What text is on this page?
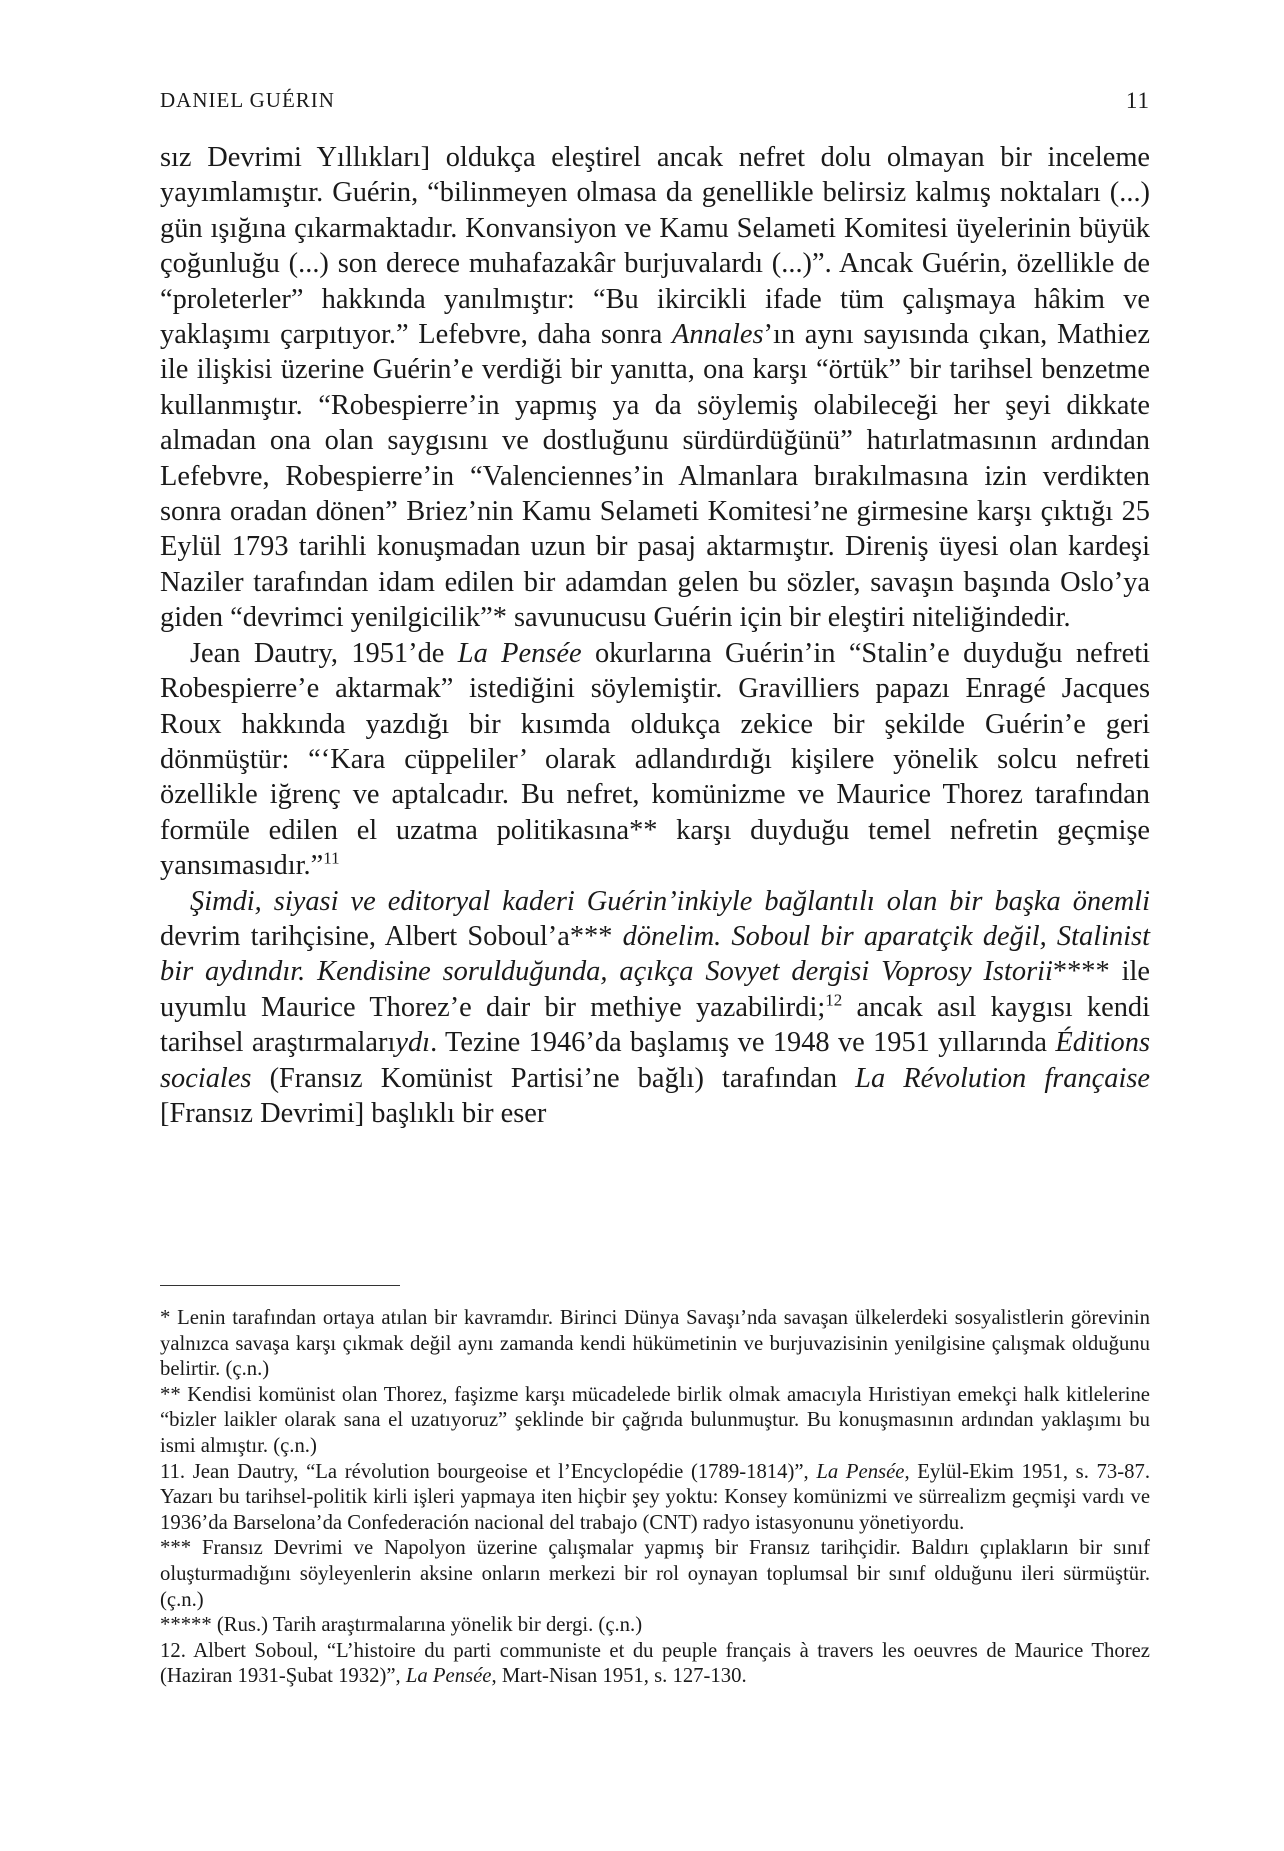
DANIEL GUÉRIN	11

sız Devrimi Yıllıkları] oldukça eleştirel ancak nefret dolu olmayan bir inceleme yayımlamıştır. Guérin, “bilinmeyen olmasa da genellikle belirsiz kalmış noktaları (...) gün ışığına çıkarmaktadır. Konvansiyon ve Kamu Selameti Komitesi üyelerinin büyük çoğunluğu (...) son derece muhafazakâr burjuvalardı (...)”. Ancak Guérin, özellikle de “proleterler” hakkında yanılmıştır: “Bu ikircikli ifade tüm çalışmaya hâkim ve yaklaşımı çarpıtıyor.” Lefebvre, daha sonra Annales’ın aynı sayısında çıkan, Mathiez ile ilişkisi üzerine Guérin’e verdiği bir yanıtta, ona karşı “örtük” bir tarihsel benzetme kullanmıştır. “Robespierre’in yapmış ya da söylemiş olabileceği her şeyi dikkate almadan ona olan saygısını ve dostluğunu sürdürdüğünü” hatırlatmasının ardından Lefebvre, Robespierre’in “Valenciennes’in Almanlara bırakılmasına izin verdikten sonra oradan dönen” Briez’nin Kamu Selameti Komitesi’ne girmesine karşı çıktığı 25 Eylül 1793 tarihli konuşmadan uzun bir pasaj aktarmıştır. Direniş üyesi olan kardeşi Naziler tarafından idam edilen bir adamdan gelen bu sözler, savaşın başında Oslo’ya giden “devrimci yenilgicilik”* savunucusu Guérin için bir eleştiri niteliğindedir.

Jean Dautry, 1951’de La Pensée okurlarına Guérin’in “Stalin’e duyduğu nefreti Robespierre’e aktarmak” istediğini söylemiştir. Gravilliers papazı Enragé Jacques Roux hakkında yazdığı bir kısımda oldukça zekice bir şekilde Guérin’e geri dönmüştür: “‘Kara cüppeliler’ olarak adlandırdığı kişilere yönelik solcu nefreti özellikle iğrenç ve aptalcadır. Bu nefret, komünizme ve Maurice Thorez tarafından formüle edilen el uzatma politikasına** karşı duyduğu temel nefretin geçmişe yansımasıdır.”$^{11}$

Şimdi, siyasi ve editoryal kaderi Guérin’inkiyle bağlantılı olan bir başka önemli devrim tarihçisine, Albert Soboul’a*** dönelim. Soboul bir aparatçik değil, Stalinist bir aydındır. Kendisine sorulduğunda, açıkça Sovyet dergisi Voprosy Istorii**** ile uyumlu Maurice Thorez’e dair bir methiye yazabilirdi;$^{12}$ ancak asıl kaygısı kendi tarihsel araştırmalarıydı. Tezine 1946’da başlamış ve 1948 ve 1951 yıllarında Éditions sociales (Fransız Komünist Partisi’ne bağlı) tarafından La Révolution française [Fransız Devrimi] başlıklı bir eser

* Lenin tarafından ortaya atılan bir kavramdır. Birinci Dünya Savaşı’nda savaşan ülkelerdeki sosyalistlerin görevinin yalnızca savaşa karşı çıkmak değil aynı zamanda kendi hükümetinin ve burjuvazisinin yenilgisine çalışmak olduğunu belirtir. (ç.n.)

** Kendisi komünist olan Thorez, faşizme karşı mücadelede birlik olmak amacıyla Hıristiyan emekçi halk kitlelerine “bizler laikler olarak sana el uzatıyoruz” şeklinde bir çağrıda bulunmuştur. Bu konuşmasının ardından yaklaşımı bu ismi almıştır. (ç.n.)

11. Jean Dautry, “La révolution bourgeoise et l’Encyclopédie (1789-1814)”, La Pensée, Eylül-Ekim 1951, s. 73-87. Yazarı bu tarihsel-politik kirli işleri yapmaya iten hiçbir şey yoktu: Konsey komünizmi ve sürrealizm geçmişi vardı ve 1936’da Barselona’da Confederación nacional del trabajo (CNT) radyo istasyonunu yönetiyordu.

*** Fransız Devrimi ve Napolyon üzerine çalışmalar yapmış bir Fransız tarihçidir. Baldırı çıplakların bir sınıf oluşturmadığını söyleyenlerin aksine onların merkezi bir rol oynayan toplumsal bir sınıf olduğunu ileri sürmüştür. (ç.n.)

***** (Rus.) Tarih araştırmalarına yönelik bir dergi. (ç.n.)

12. Albert Soboul, “L’histoire du parti communiste et du peuple français à travers les oeuvres de Maurice Thorez (Haziran 1931-Şubat 1932)”, La Pensée, Mart-Nisan 1951, s. 127-130.
